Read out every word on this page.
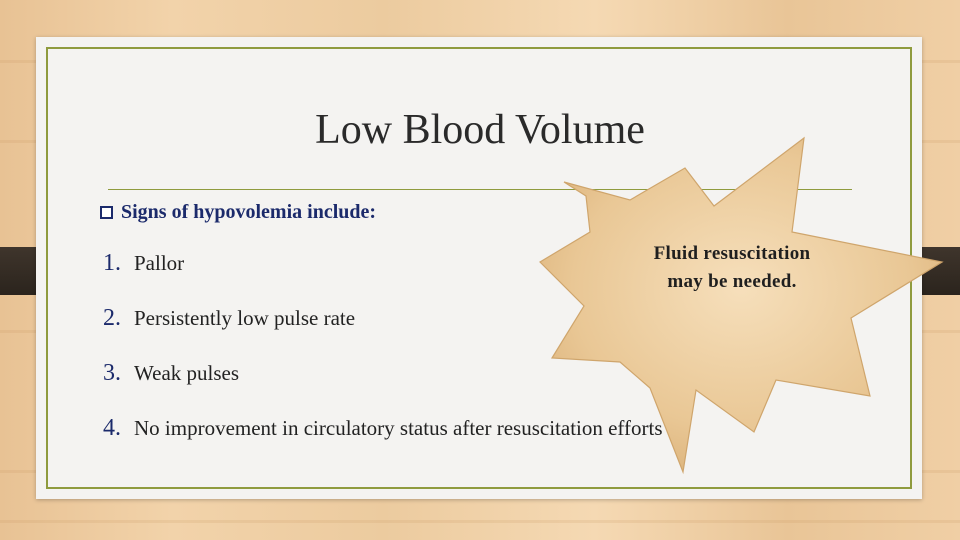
Low Blood Volume
Fluid resuscitation
may be needed.
Signs of hypovolemia include:
1. Pallor
2. Persistently low pulse rate
3. Weak pulses
4. No improvement in circulatory status after resuscitation efforts
